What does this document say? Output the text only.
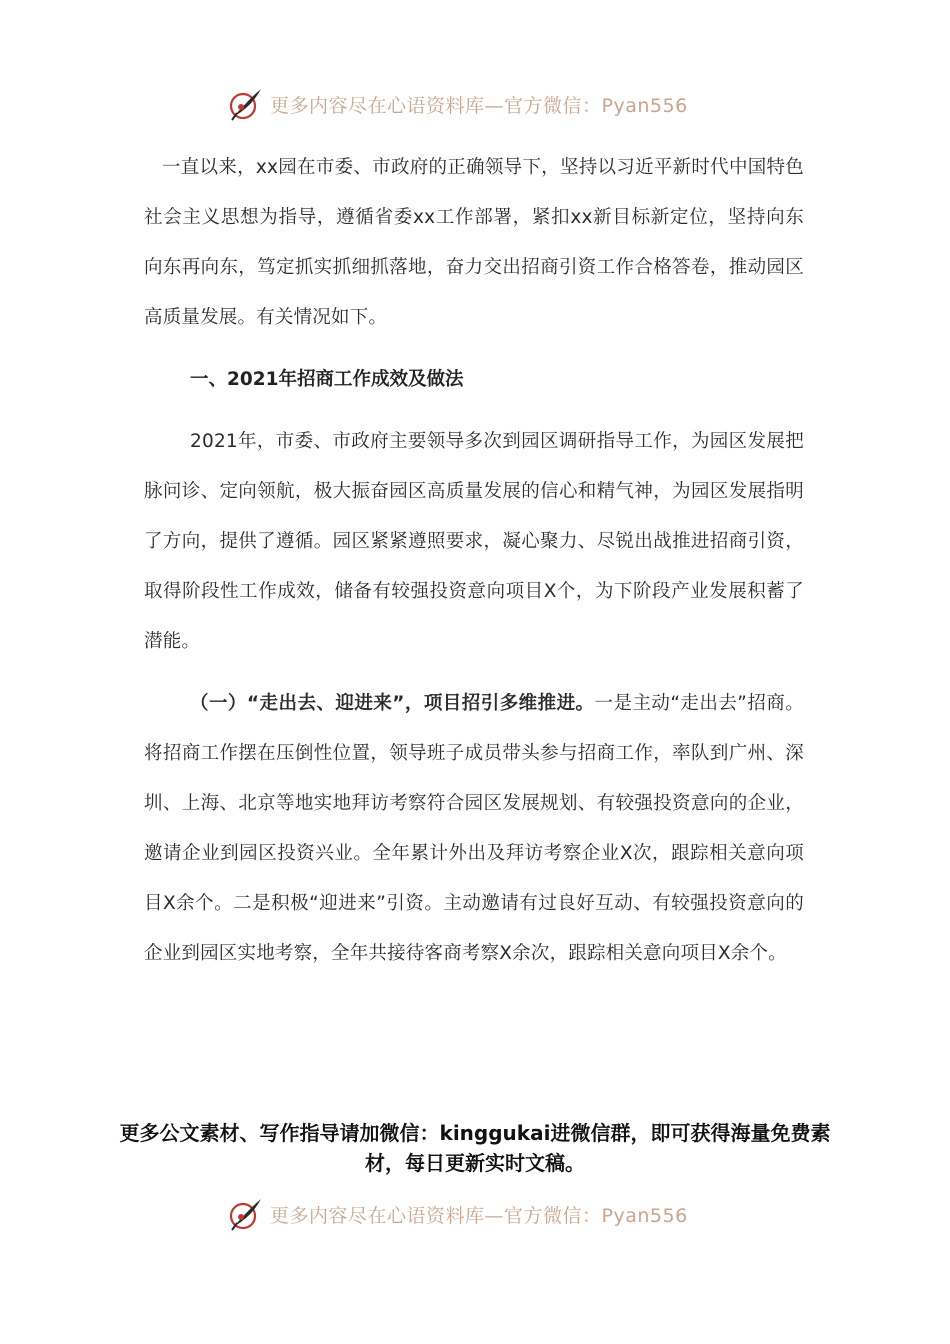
更多内容尽在心语资料库—官方微信：Pyan556

一直以来，xx园在市委、市政府的正确领导下，坚持以习近平新时代中国特色社会主义思想为指导，遵循省委xx工作部署，紧扣xx新目标新定位，坚持向东向东再向东，笃定抓实抓细抓落地，奋力交出招商引资工作合格答卷，推动园区高质量发展。有关情况如下。

一、2021年招商工作成效及做法

2021年，市委、市政府主要领导多次到园区调研指导工作，为园区发展把脉问诊、定向领航，极大振奋园区高质量发展的信心和精气神，为园区发展指明了方向，提供了遵循。园区紧紧遵照要求，凝心聚力、尽锐出战推进招商引资，取得阶段性工作成效，储备有较强投资意向项目X个，为下阶段产业发展积蓄了潜能。

（一）“走出去、迎进来”，项目招引多维推进。一是主动“走出去”招商。将招商工作摆在压倒性位置，领导班子成员带头参与招商工作，率队到广州、深圳、上海、北京等地实地拜访考察符合园区发展规划、有较强投资意向的企业，邀请企业到园区投资兴业。全年累计外出及拜访考察企业X次，跟踪相关意向项目X余个。二是积极“迎进来”引资。主动邀请有过良好互动、有较强投资意向的企业到园区实地考察，全年共接待客商考察X余次，跟踪相关意向项目X余个。

更多公文素材、写作指导请加微信：kinggukai进微信群，即可获得海量免费素材，每日更新实时文稿。
更多内容尽在心语资料库—官方微信：Pyan556
